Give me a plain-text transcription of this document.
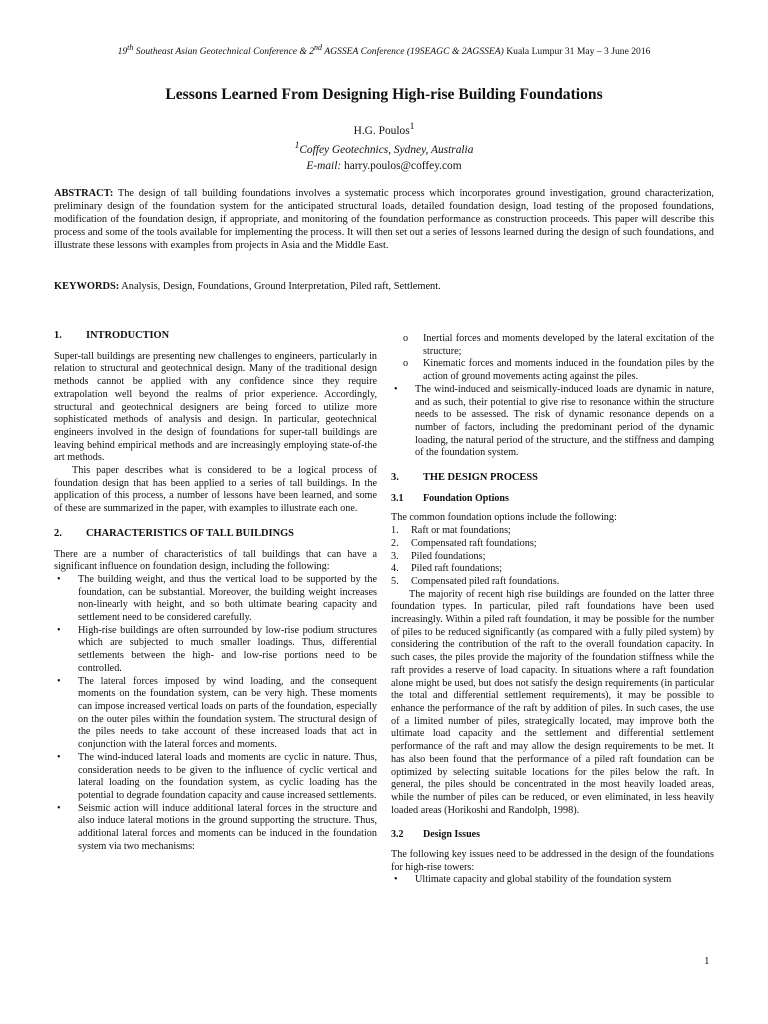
19th Southeast Asian Geotechnical Conference & 2nd AGSSEA Conference (19SEAGC & 2AGSSEA) Kuala Lumpur 31 May – 3 June 2016
Lessons Learned From Designing High-rise Building Foundations
H.G. Poulos$^1$
$^1$Coffey Geotechnics, Sydney, Australia
E-mail: harry.poulos@coffey.com
ABSTRACT: The design of tall building foundations involves a systematic process which incorporates ground investigation, ground characterization, preliminary design of the foundation system for the anticipated structural loads, detailed foundation design, load testing of the proposed foundations, modification of the foundation design, if appropriate, and monitoring of the foundation performance as construction proceeds. This paper will describe this process and some of the tools available for implementing the process. It will then set out a series of lessons learned during the design of such foundations, and illustrate these lessons with examples from projects in Asia and the Middle East.
KEYWORDS: Analysis, Design, Foundations, Ground Interpretation, Piled raft, Settlement.
1.	INTRODUCTION

Super-tall buildings are presenting new challenges to engineers, particularly in relation to structural and geotechnical design. Many of the traditional design methods cannot be applied with any confidence since they require extrapolation well beyond the realms of prior experience. Accordingly, structural and geotechnical designers are being forced to utilize more sophisticated methods of analysis and design. In particular, geotechnical engineers involved in the design of foundations for super-tall buildings are leaving behind empirical methods and are increasingly employing state-of-the art methods.

This paper describes what is considered to be a logical process of foundation design that has been applied to a series of tall buildings. In the application of this process, a number of lessons have been learned, and some of these are summarized in the paper, with examples to illustrate each one.

2.	CHARACTERISTICS OF TALL BUILDINGS

There are a number of characteristics of tall buildings that can have a significant influence on foundation design, including the following:

• The building weight, and thus the vertical load to be supported by the foundation, can be substantial. Moreover, the building weight increases non-linearly with height, and so both ultimate bearing capacity and settlement need to be considered carefully.
• High-rise buildings are often surrounded by low-rise podium structures which are subjected to much smaller loadings. Thus, differential settlements between the high- and low-rise portions need to be controlled.
• The lateral forces imposed by wind loading, and the consequent moments on the foundation system, can be very high. These moments can impose increased vertical loads on parts of the foundation, especially on the outer piles within the foundation system. The structural design of the piles needs to take account of these increased loads that act in conjunction with the lateral forces and moments.
• The wind-induced lateral loads and moments are cyclic in nature. Thus, consideration needs to be given to the influence of cyclic vertical and lateral loading on the foundation system, as cyclic loading has the potential to degrade foundation capacity and cause increased settlements.
• Seismic action will induce additional lateral forces in the structure and also induce lateral motions in the ground supporting the structure. Thus, additional lateral forces and moments can be induced in the foundation system via two mechanisms:
o Inertial forces and moments developed by the lateral excitation of the structure;
o Kinematic forces and moments induced in the foundation piles by the action of ground movements acting against the piles.
• The wind-induced and seismically-induced loads are dynamic in nature, and as such, their potential to give rise to resonance within the structure needs to be assessed. The risk of dynamic resonance depends on a number of factors, including the predominant period of the dynamic loading, the natural period of the structure, and the stiffness and damping of the foundation system.
3.	THE DESIGN PROCESS
3.1	Foundation Options

The common foundation options include the following:

1. Raft or mat foundations;
2. Compensated raft foundations;
3. Piled foundations;
4. Piled raft foundations;
5. Compensated piled raft foundations.

The majority of recent high rise buildings are founded on the latter three foundation types. In particular, piled raft foundations have been used increasingly. Within a piled raft foundation, it may be possible for the number of piles to be reduced significantly (as compared with a fully piled system) by considering the contribution of the raft to the overall foundation capacity. In such cases, the piles provide the majority of the foundation stiffness while the raft provides a reserve of load capacity. In situations where a raft foundation alone might be used, but does not satisfy the design requirements (in particular the total and differential settlement requirements), it may be possible to enhance the performance of the raft by addition of piles. In such cases, the use of a limited number of piles, strategically located, may improve both the ultimate load capacity and the settlement and differential settlement performance of the raft and may allow the design requirements to be met. It has also been found that the performance of a piled raft foundation can be optimized by selecting suitable locations for the piles below the raft. In general, the piles should be concentrated in the most heavily loaded areas, while the number of piles can be reduced, or even eliminated, in less heavily loaded areas (Horikoshi and Randolph, 1998).

3.2	Design Issues

The following key issues need to be addressed in the design of the foundations for high-rise towers:

• Ultimate capacity and global stability of the foundation system
1
